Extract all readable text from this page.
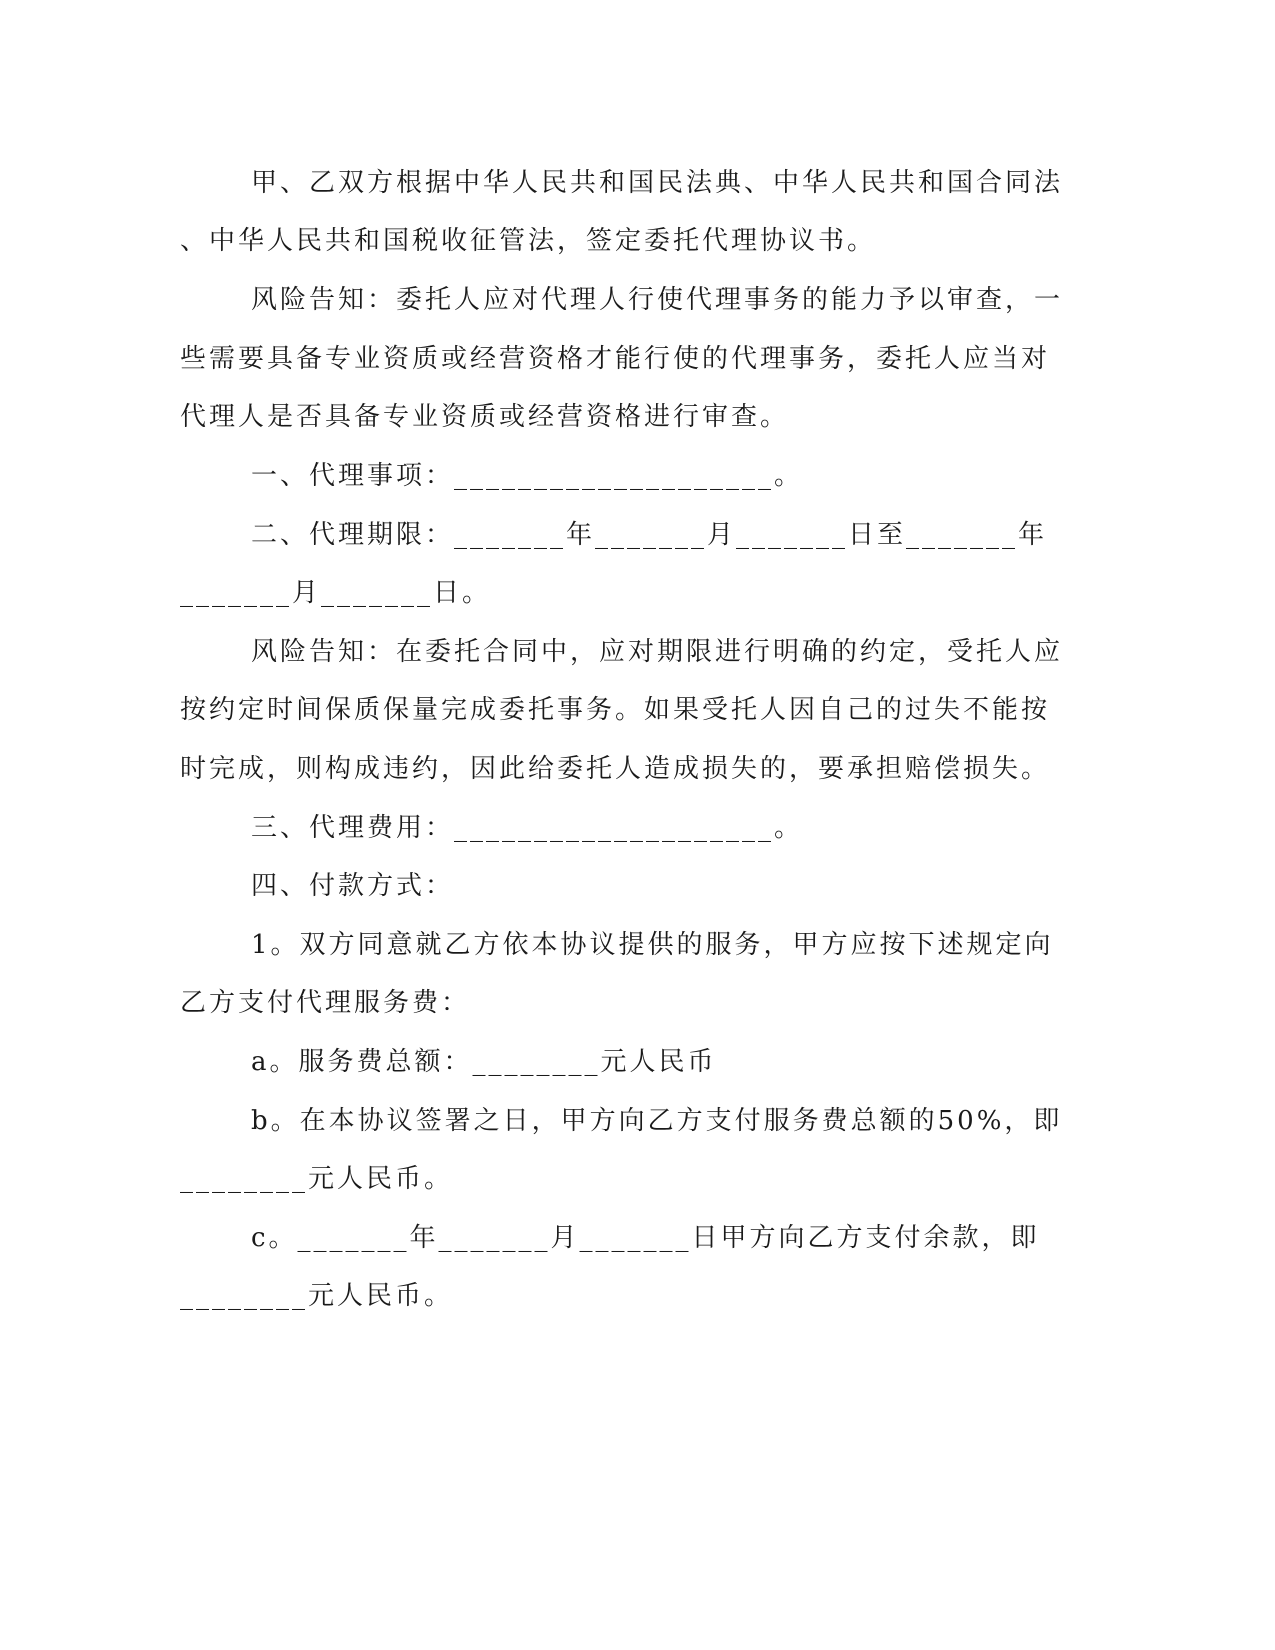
甲、乙双方根据中华人民共和国民法典、中华人民共和国合同法

、中华人民共和国税收征管法，签定委托代理协议书。

风险告知：委托人应对代理人行使代理事务的能力予以审查，一

些需要具备专业资质或经营资格才能行使的代理事务，委托人应当对

代理人是否具备专业资质或经营资格进行审查。

一、代理事项：____________________。

二、代理期限：_______年_______月_______日至_______年

_______月_______日。

风险告知：在委托合同中，应对期限进行明确的约定，受托人应

按约定时间保质保量完成委托事务。如果受托人因自己的过失不能按

时完成，则构成违约，因此给委托人造成损失的，要承担赔偿损失。

三、代理费用：____________________。

四、付款方式：

1。双方同意就乙方依本协议提供的服务，甲方应按下述规定向

乙方支付代理服务费：

a。服务费总额：________元人民币

b。在本协议签署之日，甲方向乙方支付服务费总额的50%，即

________元人民币。

c。_______年_______月_______日甲方向乙方支付余款，即

________元人民币。
